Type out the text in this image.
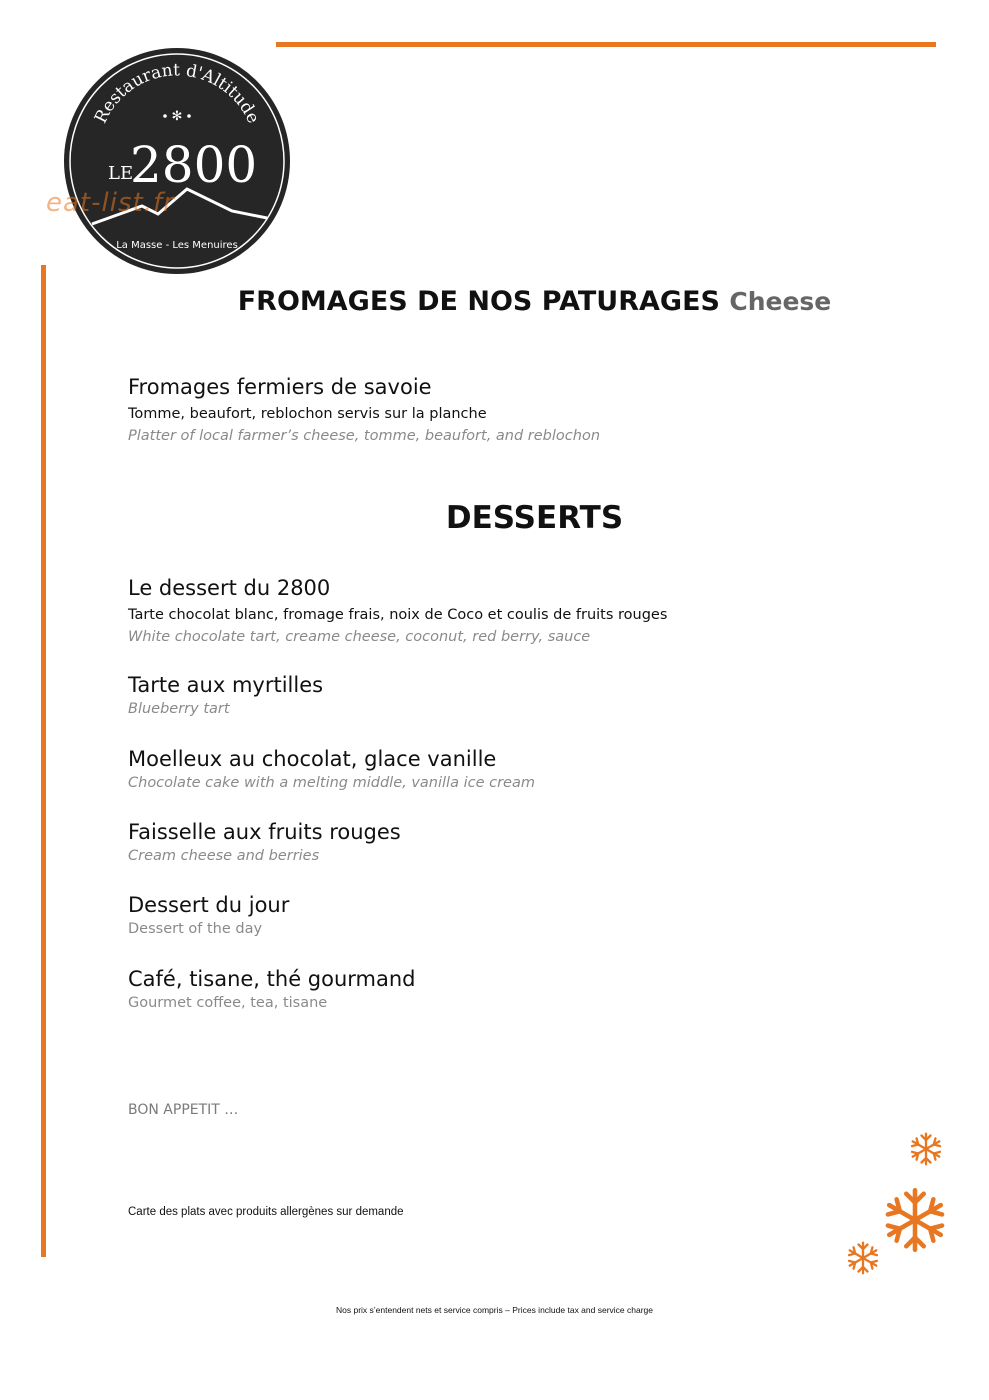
Restaurant d'Altitude
✻
LE
2800
La Masse - Les Menuires
eat-list.fr
FROMAGES DE NOS PATURAGES Cheese
Fromages fermiers de savoie
Tomme, beaufort, reblochon servis sur la planche
Platter of local farmer’s cheese, tomme, beaufort, and reblochon
DESSERTS
Le dessert du 2800
Tarte chocolat blanc, fromage frais, noix de Coco et coulis de fruits rouges
White chocolate tart, creame cheese, coconut, red berry, sauce
Tarte aux myrtilles
Blueberry tart
Moelleux au chocolat, glace vanille
Chocolate cake with a melting middle, vanilla ice cream
Faisselle aux fruits rouges
Cream cheese and berries
Dessert du jour
Dessert of the day
Café, tisane, thé gourmand
Gourmet coffee, tea, tisane
BON APPETIT …
Carte des plats avec produits allergènes sur demande
Nos prix s’entendent nets et service compris – Prices include tax and service charge
